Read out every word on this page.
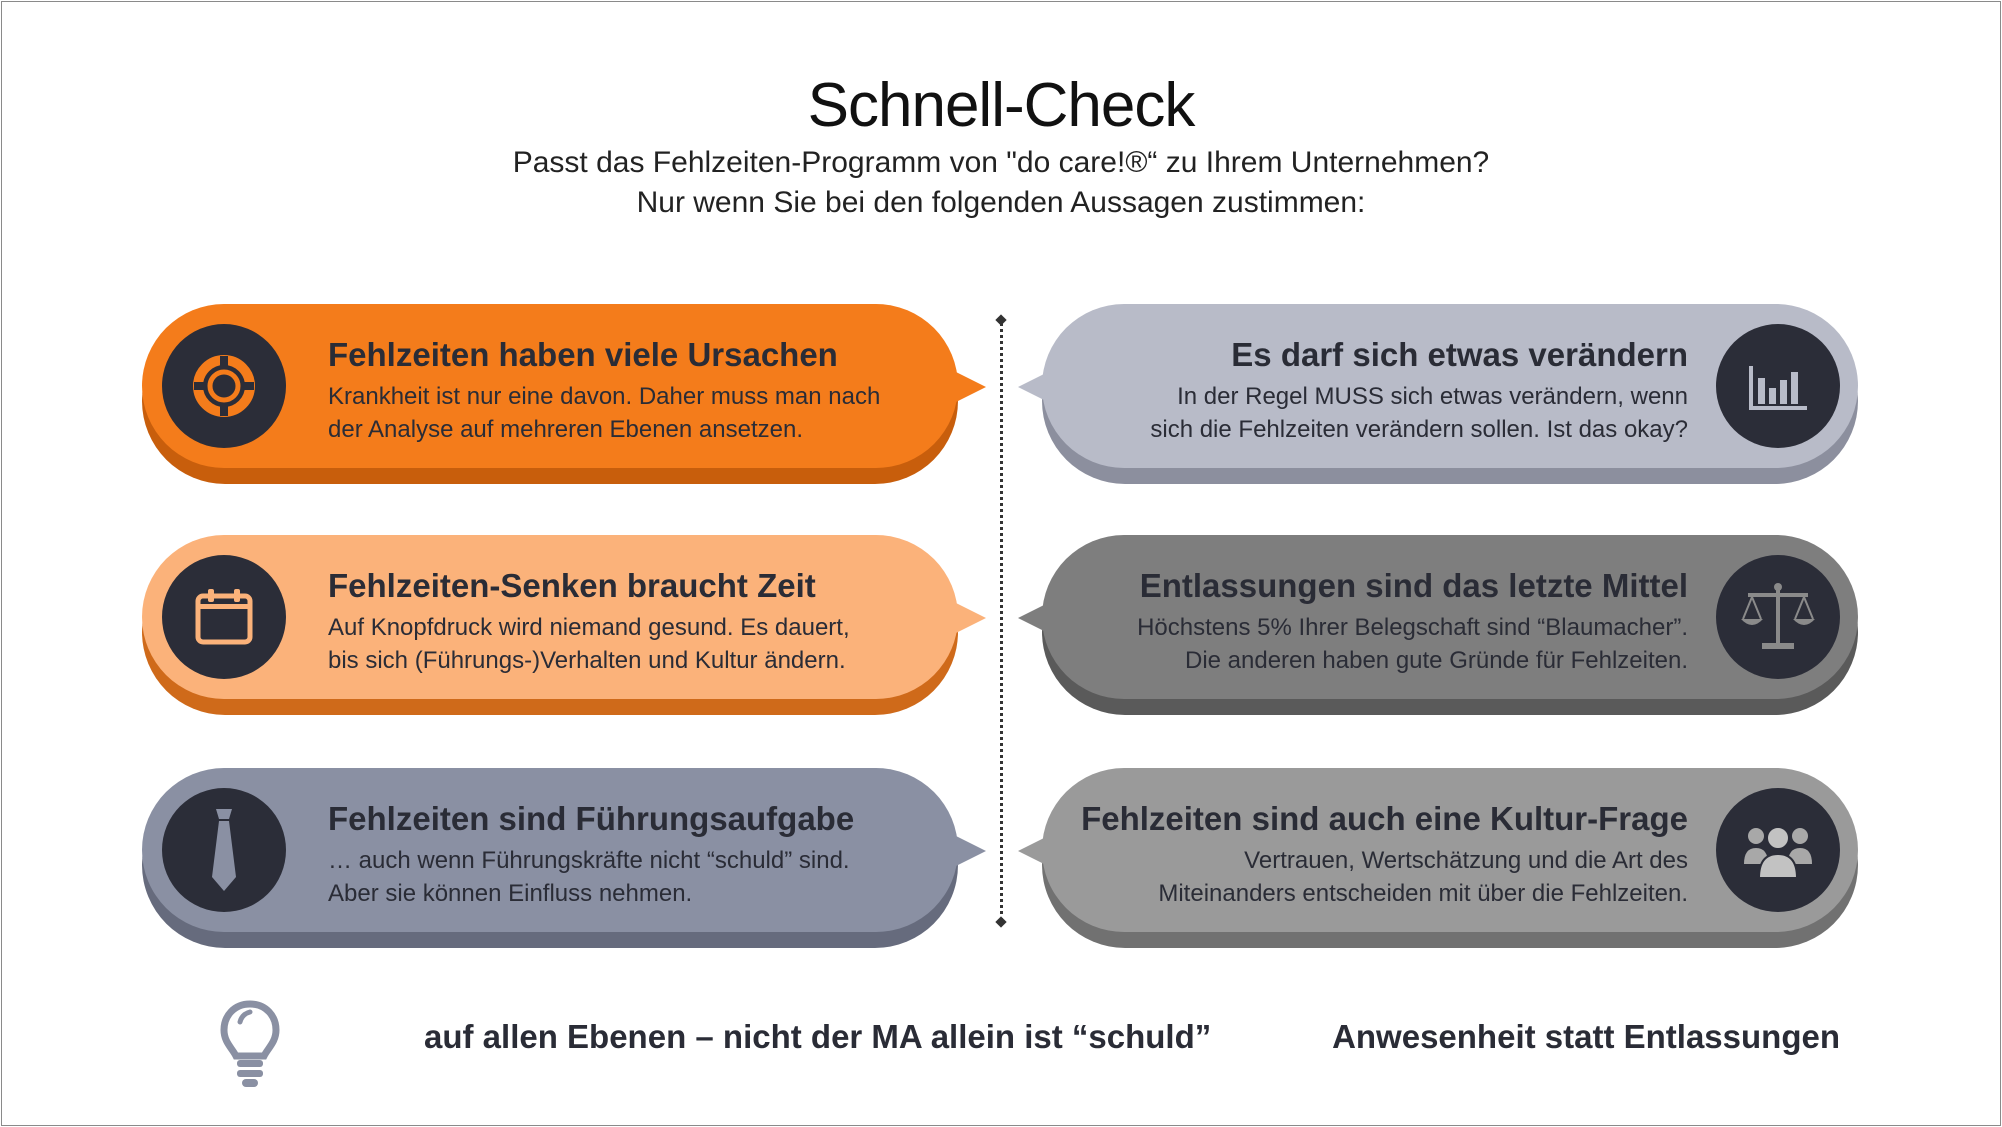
Schnell-Check
Passt das Fehlzeiten-Programm von "do care!®“ zu Ihrem Unternehmen?
Nur wenn Sie bei den folgenden Aussagen zustimmen:
Fehlzeiten haben viele Ursachen
Krankheit ist nur eine davon. Daher muss man nach
der Analyse auf mehreren Ebenen ansetzen.
Es darf sich etwas verändern
In der Regel MUSS sich etwas verändern, wenn
sich die Fehlzeiten verändern sollen. Ist das okay?
Fehlzeiten-Senken braucht Zeit
Auf Knopfdruck wird niemand gesund. Es dauert,
bis sich (Führungs-)Verhalten und Kultur ändern.
Entlassungen sind das letzte Mittel
Höchstens 5% Ihrer Belegschaft sind “Blaumacher”.
Die anderen haben gute Gründe für Fehlzeiten.
Fehlzeiten sind Führungsaufgabe
… auch wenn Führungskräfte nicht “schuld” sind.
Aber sie können Einfluss nehmen.
Fehlzeiten sind auch eine Kultur-Frage
Vertrauen, Wertschätzung und die Art des
Miteinanders entscheiden mit über die Fehlzeiten.
auf allen Ebenen – nicht der MA allein ist “schuld”	Anwesenheit statt Entlassungen
